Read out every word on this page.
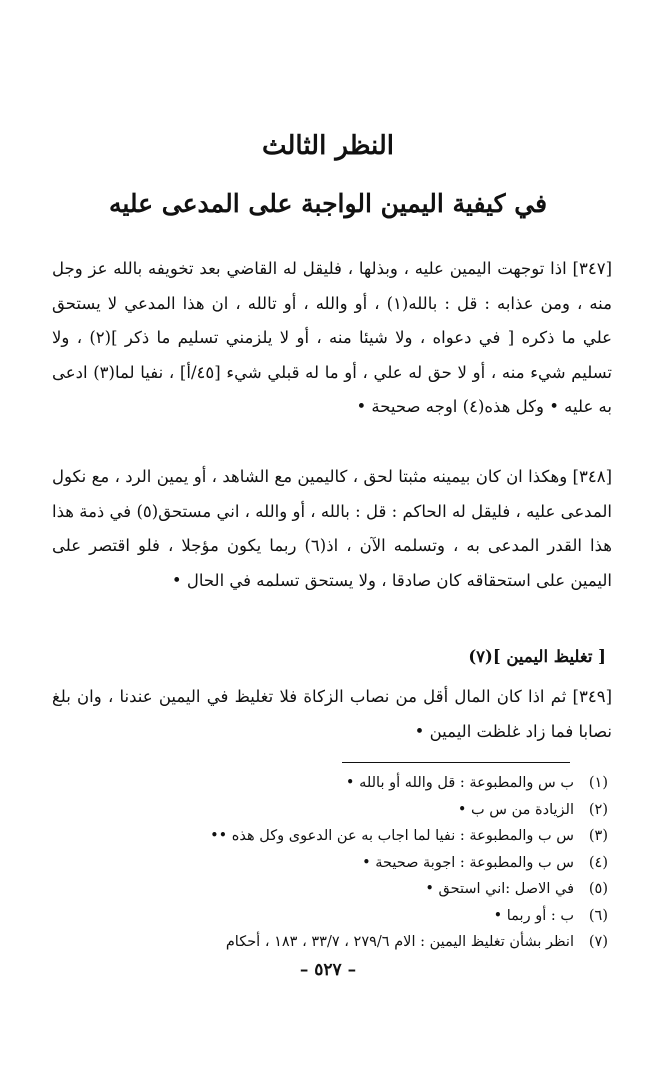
النظر الثالث
في كيفية اليمين الواجبة على المدعى عليه

[٣٤٧] اذا توجهت اليمين عليه ، وبذلها ، فليقل له القاضي بعد تخويفه بالله عز وجل منه ، ومن عذابه : قل : بالله(١) ، أو والله ، أو تالله ، ان هذا المدعي لا يستحق علي ما ذكره [ في دعواه ، ولا شيئا منه ، أو لا يلزمني تسليم ما ذكر ](٢) ، ولا تسليم شيء منه ، أو لا حق له علي ، أو ما له قبلي شيء [٤٥/أ] ، نفيا لما(٣) ادعى به عليه • وكل هذه(٤) اوجه صحيحة •

[٣٤٨] وهكذا ان كان بيمينه مثبتا لحق ، كاليمين مع الشاهد ، أو يمين الرد ، مع نكول المدعى عليه ، فليقل له الحاكم : قل : بالله ، أو والله ، اني مستحق(٥) في ذمة هذا هذا القدر المدعى به ، وتسلمه الآن ، اذ(٦) ربما يكون مؤجلا ، فلو اقتصر على اليمين على استحقاقه كان صادقا ، ولا يستحق تسلمه في الحال •

[ تغليظ اليمين ](٧)

[٣٤٩] ثم اذا كان المال أقل من نصاب الزكاة فلا تغليظ في اليمين عندنا ، وان بلغ نصابا فما زاد غلظت اليمين •

(١)ب س والمطبوعة : قل والله أو بالله •
(٢)الزيادة من س ب •
(٣)س ب والمطبوعة : نفيا لما اجاب به عن الدعوى وكل هذه ••
(٤)س ب والمطبوعة : اجوبة صحيحة •
(٥)في الاصل :اني استحق •
(٦)ب : أو ربما •
(٧)انظر بشأن تغليظ اليمين : الام ٢٧٩/٦ ، ٣٣/٧ ، ١٨٣ ، أحكام

– ٥٢٧ –
